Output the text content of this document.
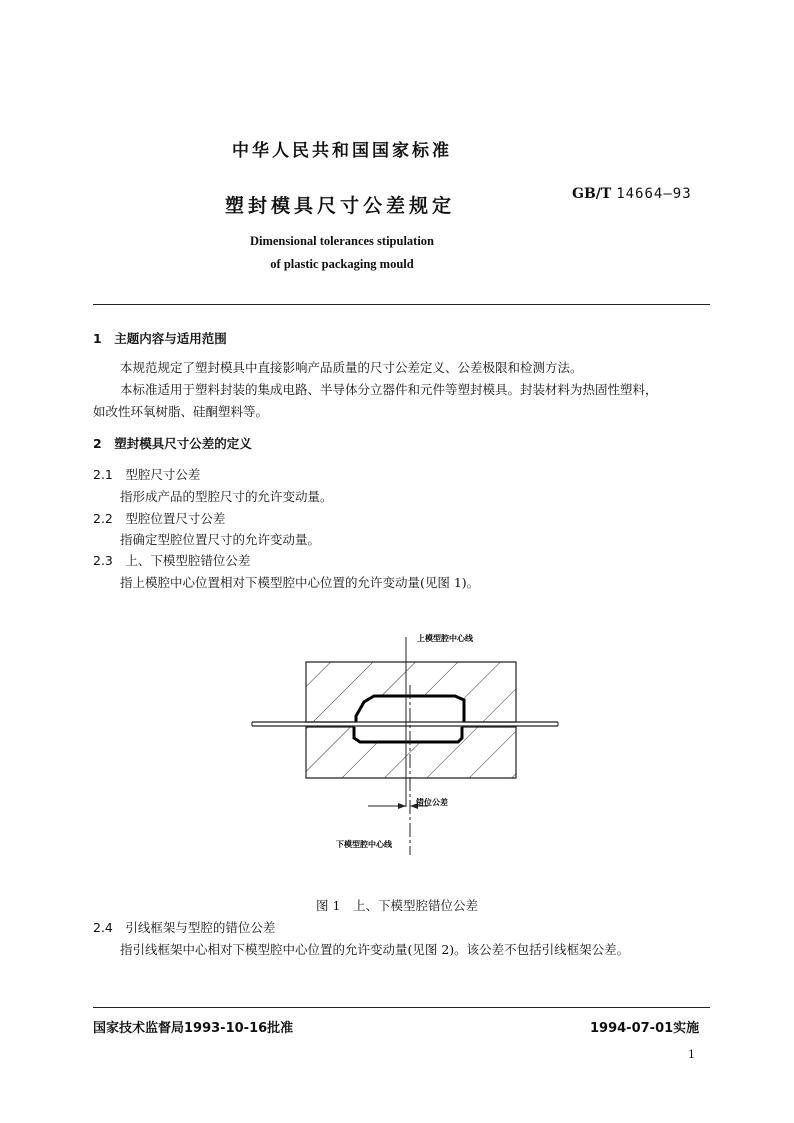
中华人民共和国国家标准
塑封模具尺寸公差规定
GB/T 14664—93
Dimensional tolerances stipulation
of plastic packaging mould
1　主题内容与适用范围
本规范规定了塑封模具中直接影响产品质量的尺寸公差定义、公差极限和检测方法。
本标准适用于塑料封装的集成电路、半导体分立器件和元件等塑封模具。封装材料为热固性塑料，
如改性环氧树脂、硅酮塑料等。
2　塑封模具尺寸公差的定义
2.1　型腔尺寸公差
指形成产品的型腔尺寸的允许变动量。
2.2　型腔位置尺寸公差
指确定型腔位置尺寸的允许变动量。
2.3　上、下模型腔错位公差
指上模腔中心位置相对下模型腔中心位置的允许变动量(见图 1)。
上模型腔中心线
错位公差
下模型腔中心线
图 1　上、下模型腔错位公差
2.4　引线框架与型腔的错位公差
指引线框架中心相对下模型腔中心位置的允许变动量(见图 2)。该公差不包括引线框架公差。
国家技术监督局1993-10-16批准	1994-07-01实施
1
